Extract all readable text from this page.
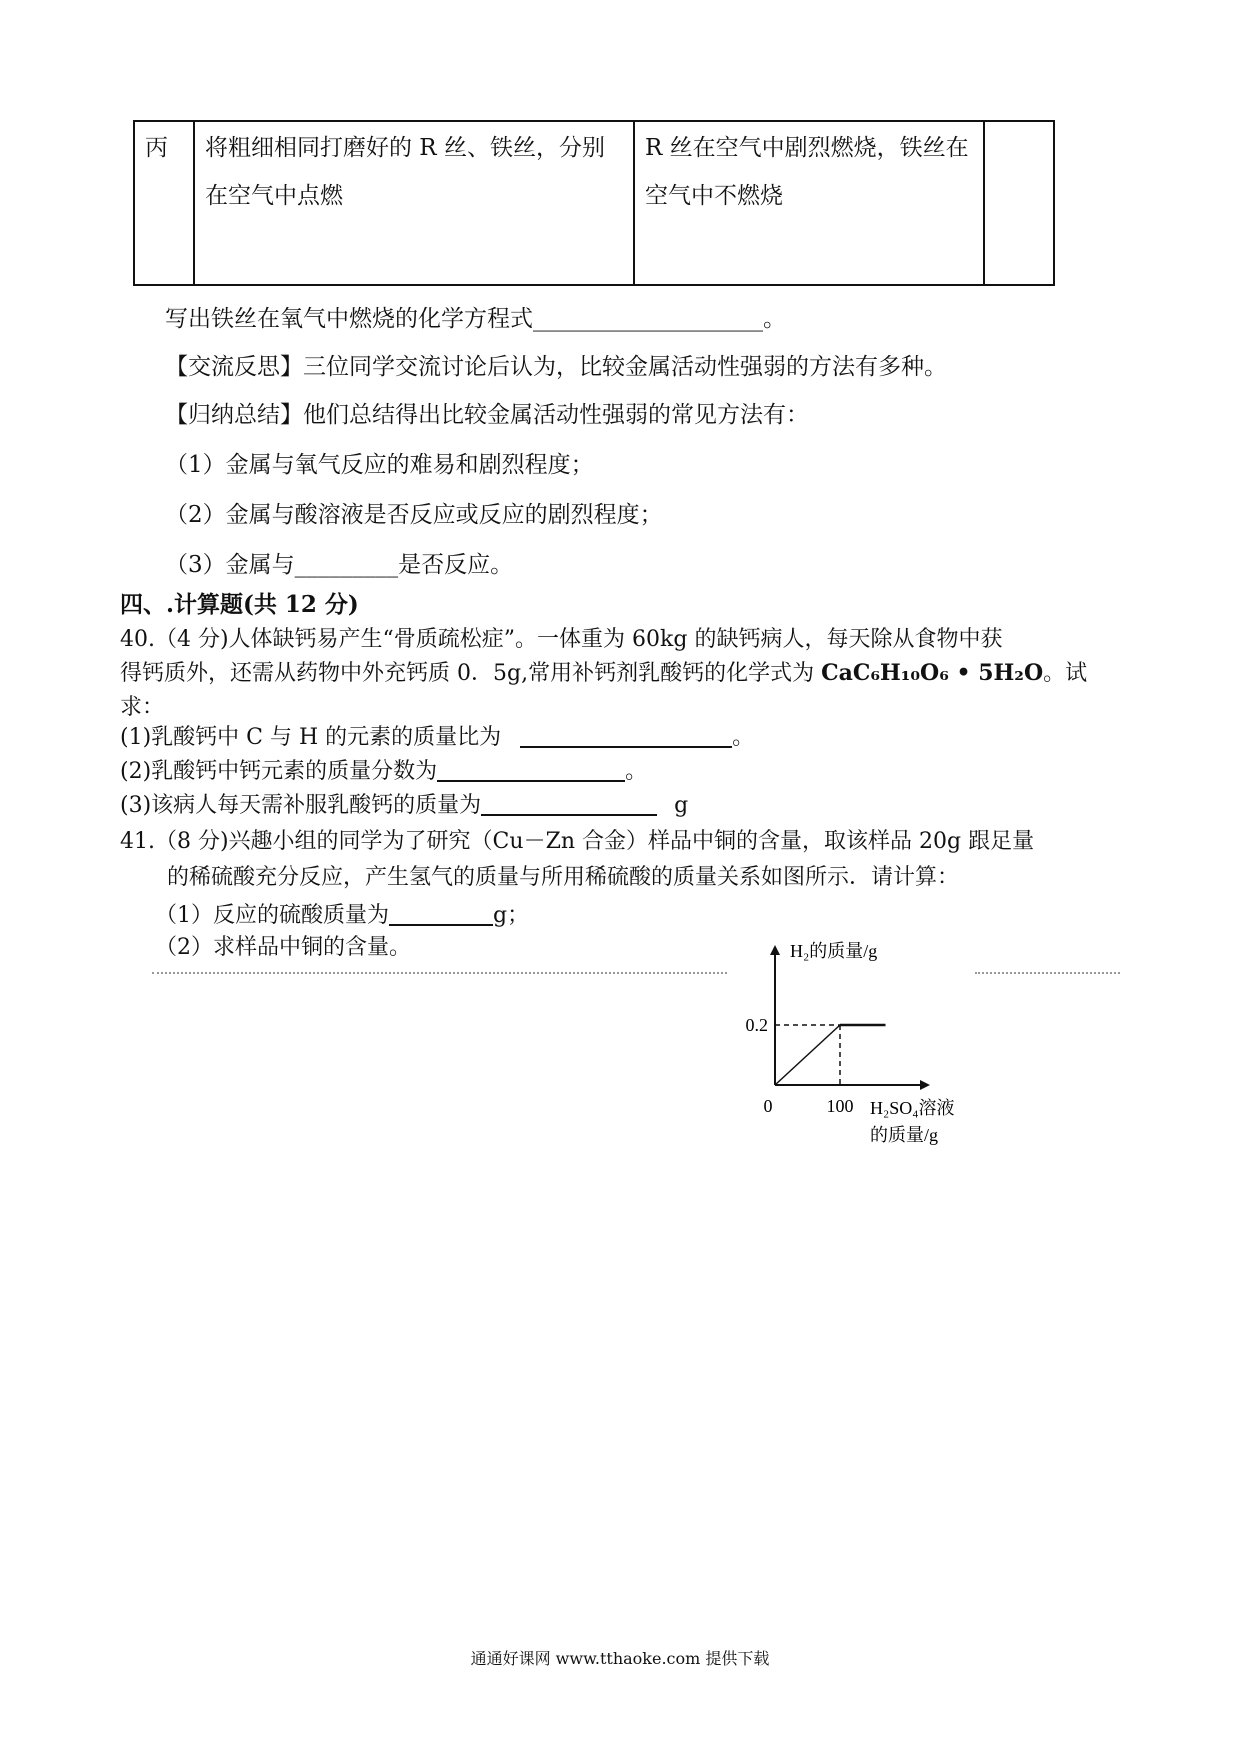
丙	将粗细相同打磨好的 R 丝、铁丝，分别在空气中点燃	R 丝在空气中剧烈燃烧，铁丝在空气中不燃烧	
写出铁丝在氧气中燃烧的化学方程式____________________。
【交流反思】三位同学交流讨论后认为，比较金属活动性强弱的方法有多种。
【归纳总结】他们总结得出比较金属活动性强弱的常见方法有：
（1）金属与氧气反应的难易和剧烈程度；
（2）金属与酸溶液是否反应或反应的剧烈程度；
（3）金属与_________是否反应。
四、.计算题(共 12 分)
40.（4 分)人体缺钙易产生“骨质疏松症”。一体重为 60kg 的缺钙病人，每天除从食物中获
得钙质外，还需从药物中外充钙质 0．5g,常用补钙剂乳酸钙的化学式为 CaC₆H₁₀O₆ • 5H₂O。试
求：
(1)乳酸钙中 C 与 H 的元素的质量比为	。
(2)乳酸钙中钙元素的质量分数为	。
(3)该病人每天需补服乳酸钙的质量为	g
41.（8 分)兴趣小组的同学为了研究（Cu－Zn 合金）样品中铜的含量，取该样品 20g 跟足量
的稀硫酸充分反应，产生氢气的质量与所用稀硫酸的质量关系如图所示．请计算：
（1）反应的硫酸质量为	g；
（2）求样品中铜的含量。	H₂的质量/g
0	100
0.2
H₂SO₄溶液
的质量/g
通通好课网 www.tthaoke.com 提供下载
